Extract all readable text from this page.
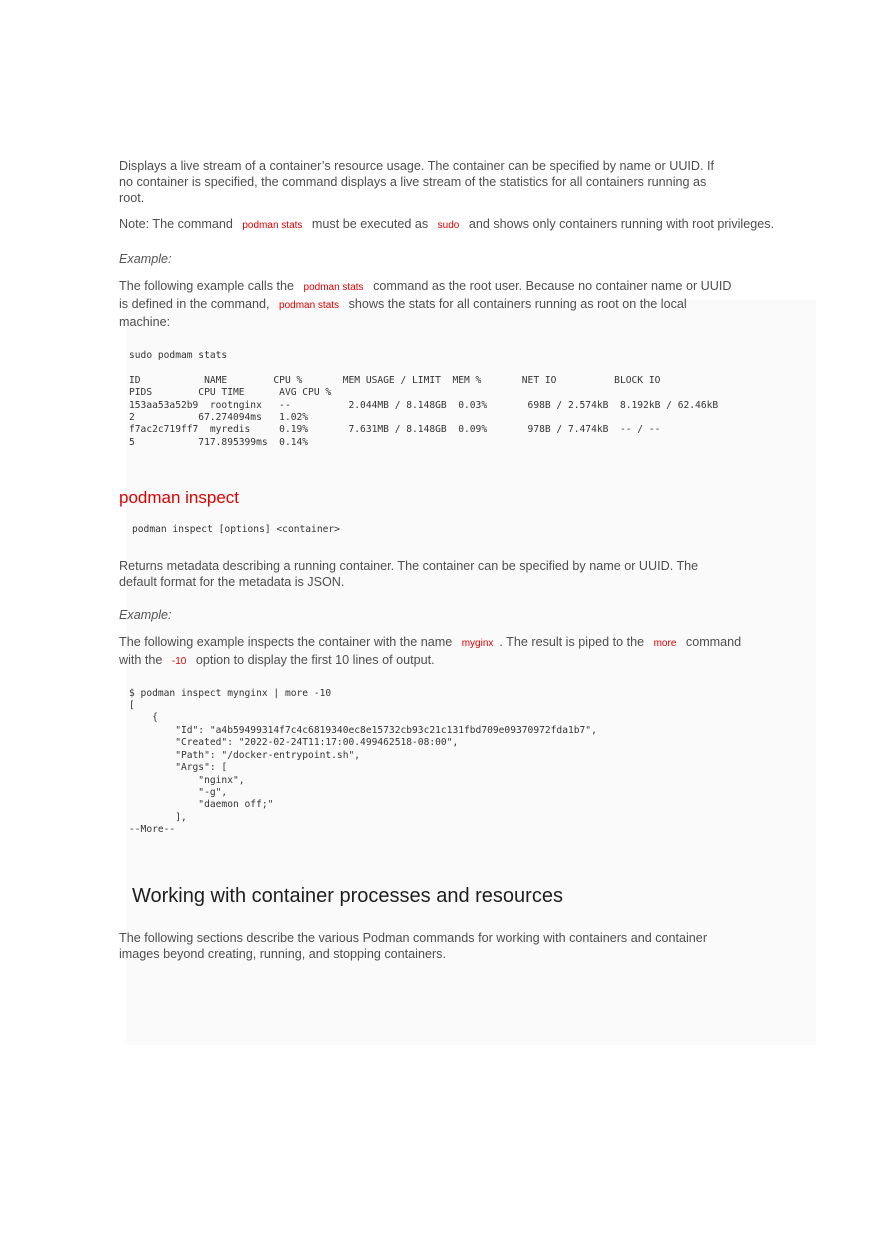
Displays a live stream of a container’s resource usage. The container can be specified by name or UUID. If no container is specified, the command displays a live stream of the statistics for all containers running as root.

Note: The command podman stats must be executed as sudo and shows only containers running with root privileges.

Example:

The following example calls the podman stats command as the root user. Because no container name or UUID is defined in the command, podman stats shows the stats for all containers running as root on the local machine:

sudo podmam stats

ID           NAME        CPU %       MEM USAGE / LIMIT  MEM %       NET IO          BLOCK IO
PIDS        CPU TIME      AVG CPU %
153aa53a52b9  rootnginx   --          2.044MB / 8.148GB  0.03%       698B / 2.574kB  8.192kB / 62.46kB
2           67.274094ms   1.02%
f7ac2c719ff7  myredis     0.19%       7.631MB / 8.148GB  0.09%       978B / 7.474kB  -- / --
5           717.895399ms  0.14%
podman inspect
podman inspect [options] <container>

Returns metadata describing a running container. The container can be specified by name or UUID. The default format for the metadata is JSON.

Example:

The following example inspects the container with the name myginx . The result is piped to the more command with the -10 option to display the first 10 lines of output.

$ podman inspect mynginx | more -10
[
{
"Id": "a4b59499314f7c4c6819340ec8e15732cb93c21c131fbd709e09370972fda1b7",
"Created": "2022-02-24T11:17:00.499462518-08:00",
"Path": "/docker-entrypoint.sh",
"Args": [
"nginx",
"-g",
"daemon off;"
],
--More--
Working with container processes and resources

The following sections describe the various Podman commands for working with containers and container images beyond creating, running, and stopping containers.
